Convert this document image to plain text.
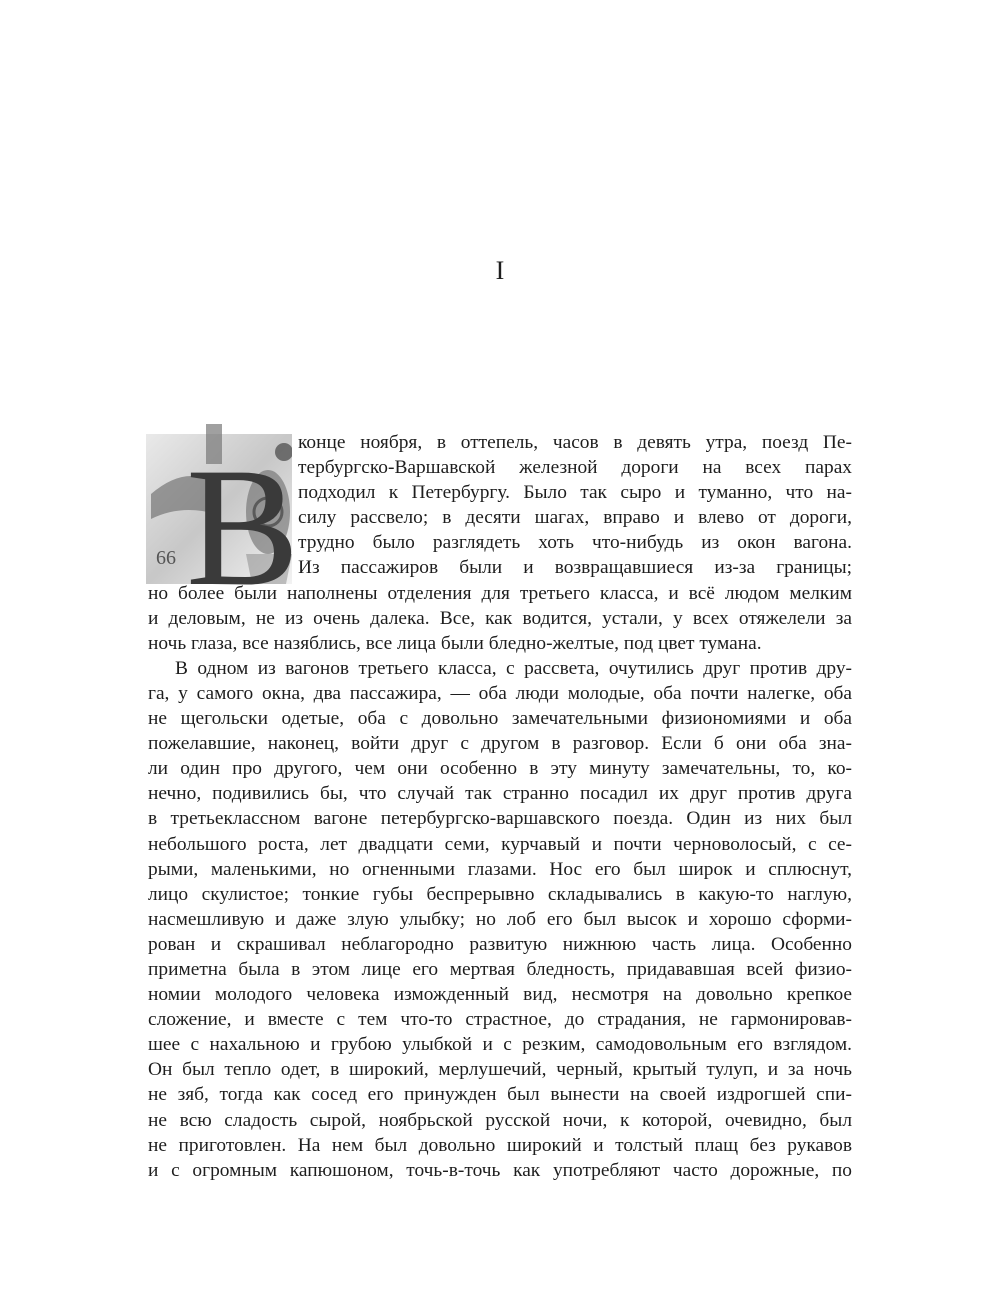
I
66 В
конце ноября, в оттепель, часов в девять утра, поезд Пе-
тербургско-Варшавской железной дороги на всех парах
подходил к Петербургу. Было так сыро и туманно, что на-
силу рассвело; в десяти шагах, вправо и влево от дороги,
трудно было разглядеть хоть что-нибудь из окон вагона.
Из пассажиров были и возвращавшиеся из-за границы;
но более были наполнены отделения для третьего класса, и всё людом мелким
и деловым, не из очень далека. Все, как водится, устали, у всех отяжелели за
ночь глаза, все назяблись, все лица были бледно-желтые, под цвет тумана.
В одном из вагонов третьего класса, с рассвета, очутились друг против дру-
га, у самого окна, два пассажира, — оба люди молодые, оба почти налегке, оба
не щегольски одетые, оба с довольно замечательными физиономиями и оба
пожелавшие, наконец, войти друг с другом в разговор. Если б они оба зна-
ли один про другого, чем они особенно в эту минуту замечательны, то, ко-
нечно, подивились бы, что случай так странно посадил их друг против друга
в третьеклассном вагоне петербургско-варшавского поезда. Один из них был
небольшого роста, лет двадцати семи, курчавый и почти черноволосый, с се-
рыми, маленькими, но огненными глазами. Нос его был широк и сплюснут,
лицо скулистое; тонкие губы беспрерывно складывались в какую-то наглую,
насмешливую и даже злую улыбку; но лоб его был высок и хорошо сформи-
рован и скрашивал неблагородно развитую нижнюю часть лица. Особенно
приметна была в этом лице его мертвая бледность, придававшая всей физио-
номии молодого человека изможденный вид, несмотря на довольно крепкое
сложение, и вместе с тем что-то страстное, до страдания, не гармонировав-
шее с нахальною и грубою улыбкой и с резким, самодовольным его взглядом.
Он был тепло одет, в широкий, мерлушечий, черный, крытый тулуп, и за ночь
не зяб, тогда как сосед его принужден был вынести на своей издрогшей спи-
не всю сладость сырой, ноябрьской русской ночи, к которой, очевидно, был
не приготовлен. На нем был довольно широкий и толстый плащ без рукавов
и с огромным капюшоном, точь-в-точь как употребляют часто дорожные, по
